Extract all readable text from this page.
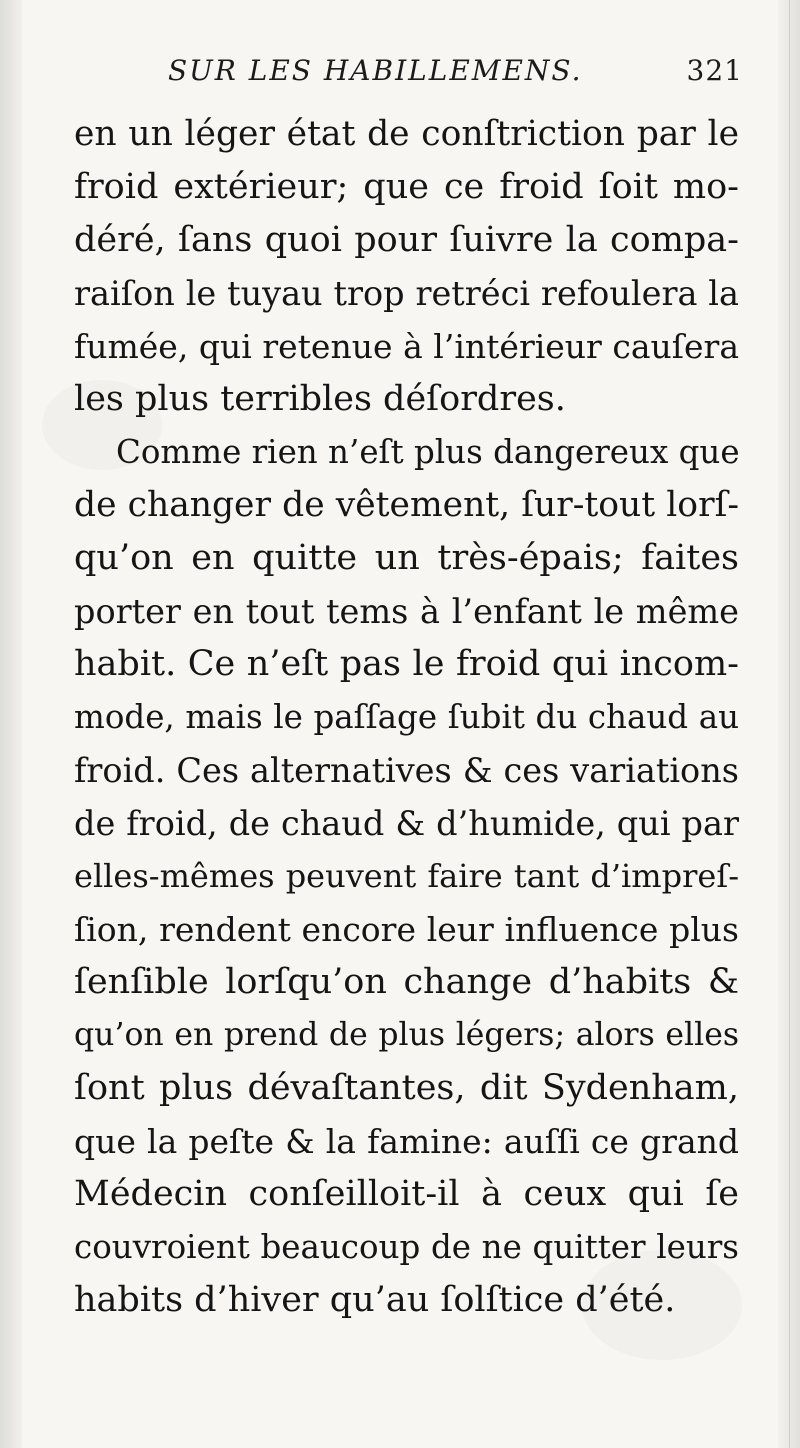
SUR LES HABILLEMENS.	321
en un léger état de conſtriction par le
froid extérieur; que ce froid ſoit mo-
déré, ſans quoi pour ſuivre la compa-
raiſon le tuyau trop retréci refoulera la
fumée, qui retenue à l’intérieur cauſera
les plus terribles déſordres.
Comme rien n’eſt plus dangereux que
de changer de vêtement, ſur-tout lorſ-
qu’on en quitte un très-épais; faites
porter en tout tems à l’enfant le même
habit. Ce n’eſt pas le froid qui incom-
mode, mais le paſſage ſubit du chaud au
froid. Ces alternatives & ces variations
de froid, de chaud & d’humide, qui par
elles-mêmes peuvent faire tant d’impreſ-
ſion, rendent encore leur influence plus
ſenſible lorſqu’on change d’habits &
qu’on en prend de plus légers; alors elles
ſont plus dévaſtantes, dit Sydenham,
que la peſte & la famine: auſſi ce grand
Médecin conſeilloit-il à ceux qui ſe
couvroient beaucoup de ne quitter leurs
habits d’hiver qu’au ſolſtice d’été.
